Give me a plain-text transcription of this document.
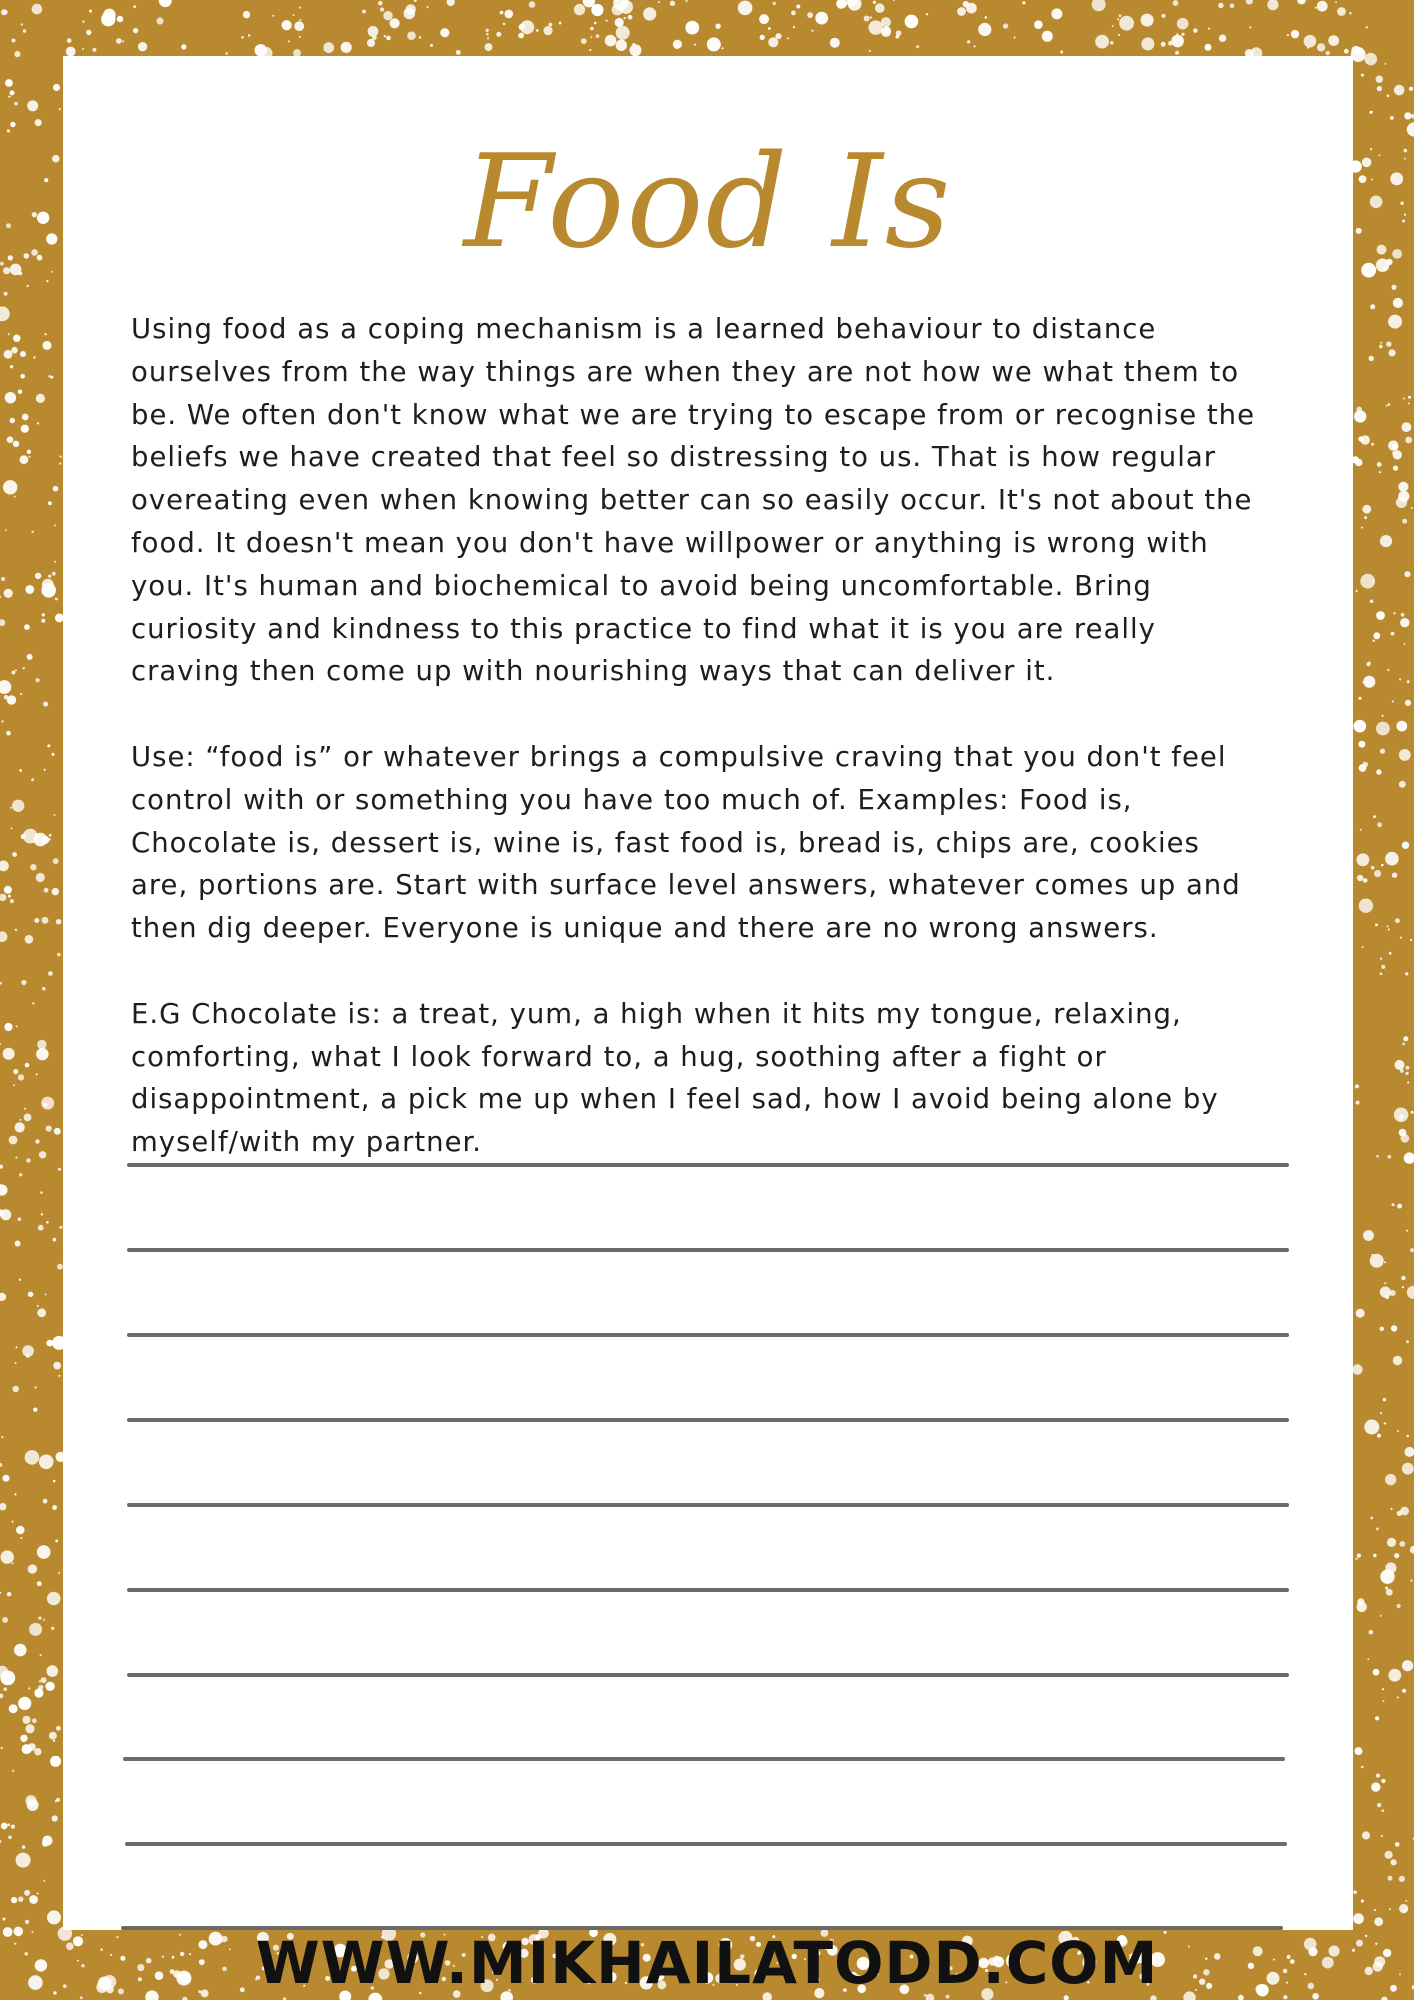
Food Is

Using food as a coping mechanism is a learned behaviour to distance
ourselves from the way things are when they are not how we what them to
be. We often don't know what we are trying to escape from or recognise the
beliefs we have created that feel so distressing to us. That is how regular
overeating even when knowing better can so easily occur. It's not about the
food. It doesn't mean you don't have willpower or anything is wrong with
you. It's human and biochemical to avoid being uncomfortable. Bring
curiosity and kindness to this practice to find what it is you are really
craving then come up with nourishing ways that can deliver it.

Use: “food is” or whatever brings a compulsive craving that you don't feel
control with or something you have too much of. Examples: Food is,
Chocolate is, dessert is, wine is, fast food is, bread is, chips are, cookies
are, portions are. Start with surface level answers, whatever comes up and
then dig deeper. Everyone is unique and there are no wrong answers.

E.G Chocolate is: a treat, yum, a high when it hits my tongue, relaxing,
comforting, what I look forward to, a hug, soothing after a fight or
disappointment, a pick me up when I feel sad, how I avoid being alone by
myself/with my partner.

WWW.MIKHAILATODD.COM
